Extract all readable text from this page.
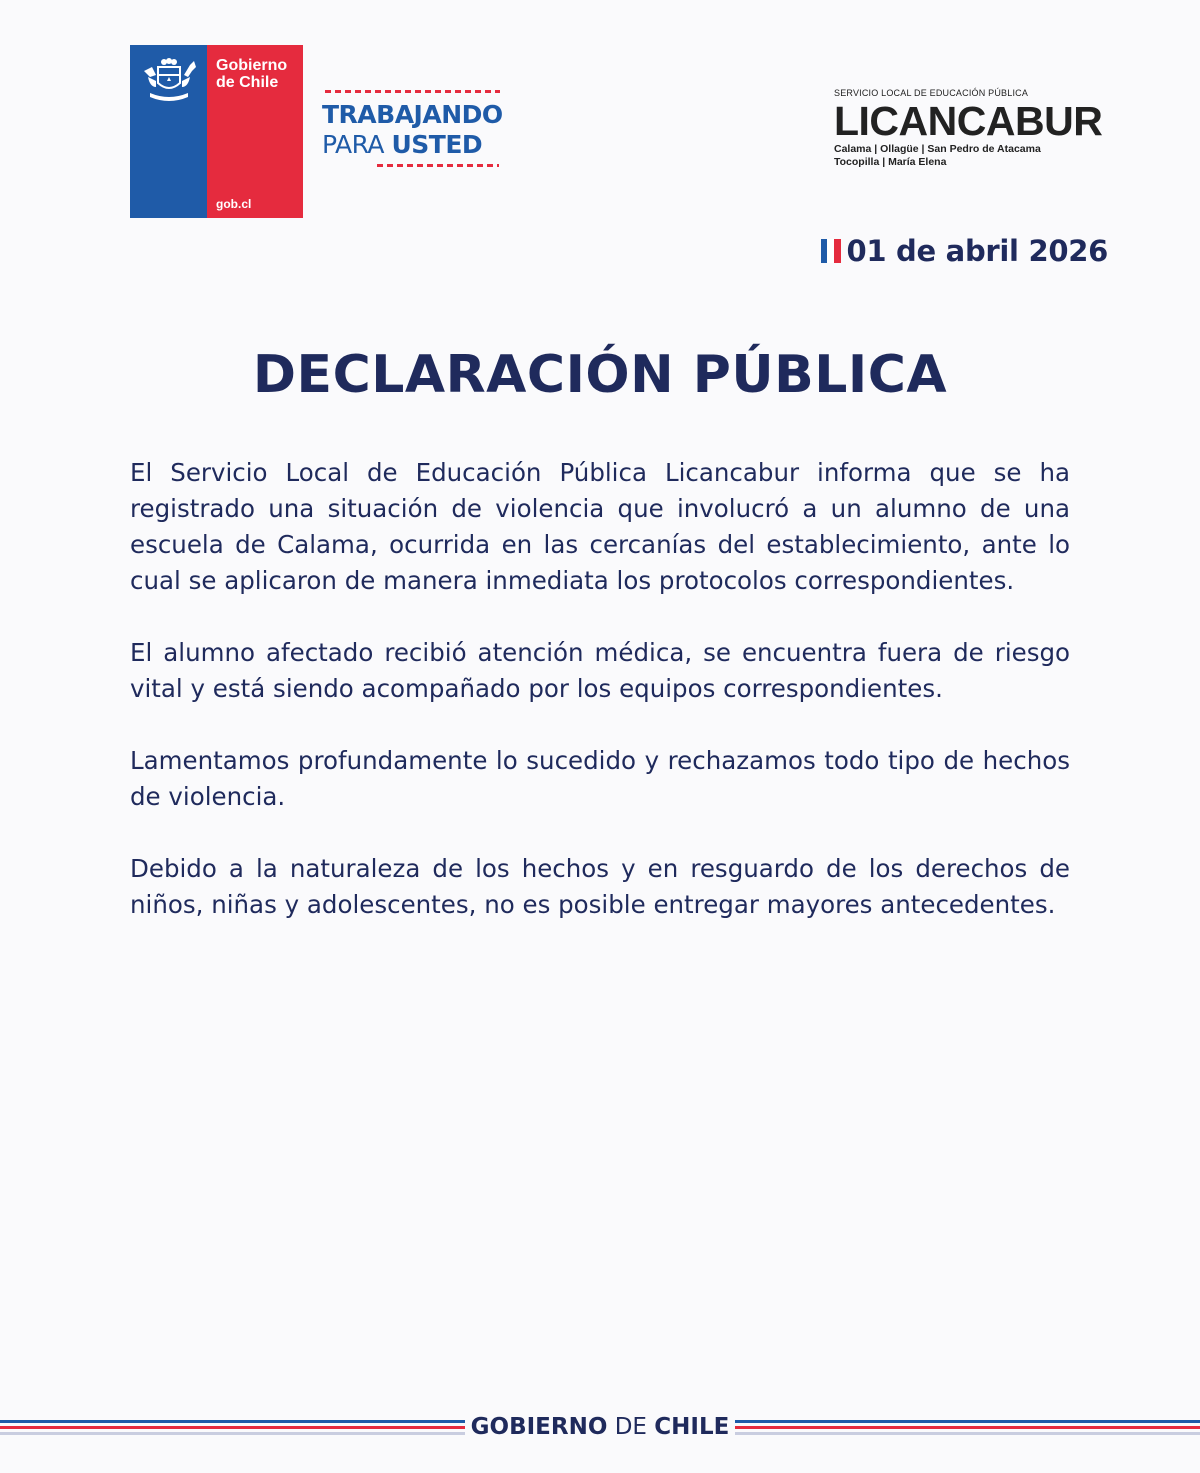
Gobierno
de Chile
gob.cl
TRABAJANDO
PARA USTED
SERVICIO LOCAL DE EDUCACIÓN PÚBLICA
LICANCABUR
Calama | Ollagüe | San Pedro de Atacama
Tocopilla | María Elena
01 de abril 2026
DECLARACIÓN PÚBLICA

El Servicio Local de Educación Pública Licancabur informa que se ha registrado una situación de violencia que involucró a un alumno de una escuela de Calama, ocurrida en las cercanías del establecimiento, ante lo cual se aplicaron de manera inmediata los protocolos correspondientes.

El alumno afectado recibió atención médica, se encuentra fuera de riesgo vital y está siendo acompañado por los equipos correspondientes.

Lamentamos profundamente lo sucedido y rechazamos todo tipo de hechos de violencia.

Debido a la naturaleza de los hechos y en resguardo de los derechos de niños, niñas y adolescentes, no es posible entregar mayores antecedentes.

GOBIERNO DE CHILE
